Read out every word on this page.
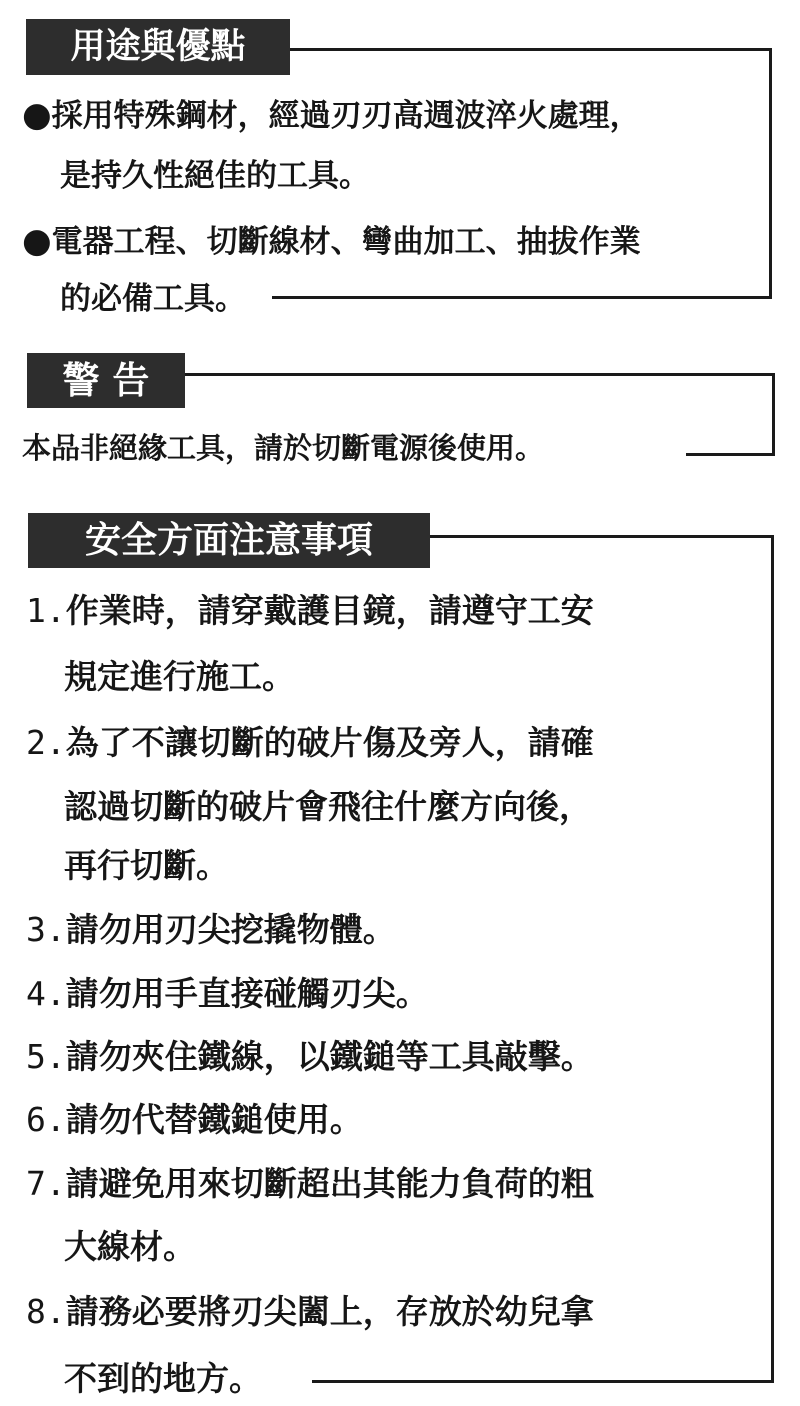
用途與優點
●採用特殊鋼材，經過刃刃高週波淬火處理，
是持久性絕佳的工具。
●電器工程、切斷線材、彎曲加工、抽拔作業
的必備工具。
警 告
本品非絕緣工具，請於切斷電源後使用。
安全方面注意事項
1.作業時，請穿戴護目鏡，請遵守工安
規定進行施工。
2.為了不讓切斷的破片傷及旁人，請確
認過切斷的破片會飛往什麼方向後，
再行切斷。
3.請勿用刃尖挖撬物體。
4.請勿用手直接碰觸刃尖。
5.請勿夾住鐵線，以鐵鎚等工具敲擊。
6.請勿代替鐵鎚使用。
7.請避免用來切斷超出其能力負荷的粗
大線材。
8.請務必要將刃尖闔上，存放於幼兒拿
不到的地方。
